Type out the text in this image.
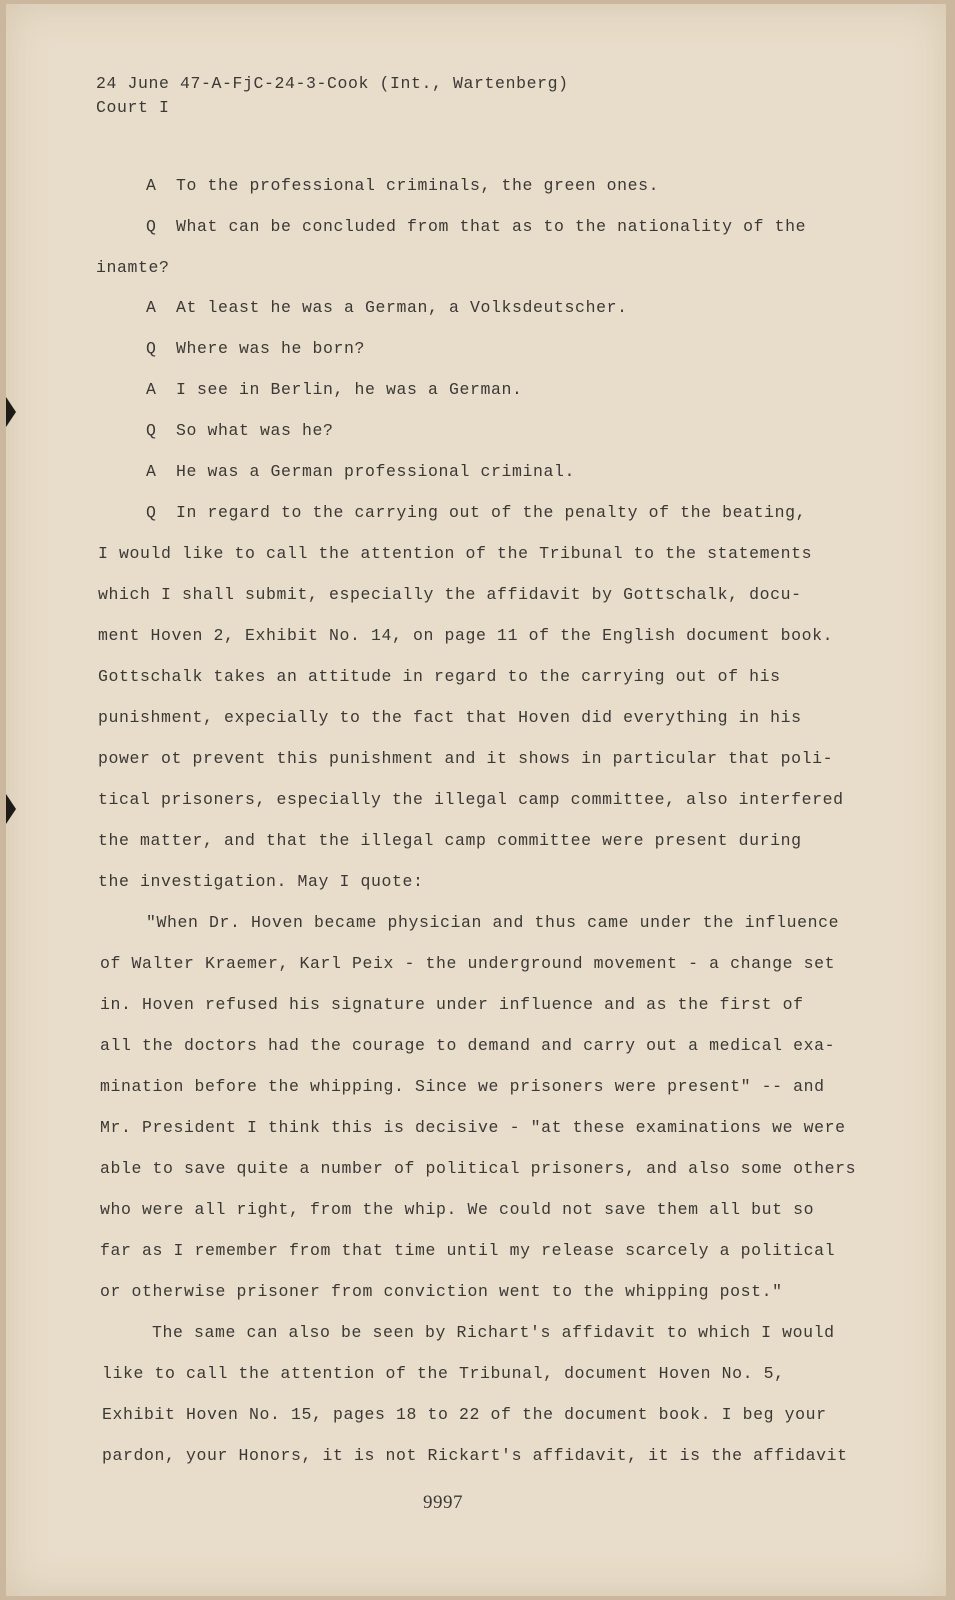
24 June 47-A-FjC-24-3-Cook (Int., Wartenberg)
Court I
A To the professional criminals, the green ones.
Q What can be concluded from that as to the nationality of the
inamte?
A At least he was a German, a Volksdeutscher.
Q Where was he born?
A I see in Berlin, he was a German.
Q So what was he?
A He was a German professional criminal.
Q In regard to the carrying out of the penalty of the beating,
I would like to call the attention of the Tribunal to the statements
which I shall submit, especially the affidavit by Gottschalk, docu-
ment Hoven 2, Exhibit No. 14, on page 11 of the English document book.
Gottschalk takes an attitude in regard to the carrying out of his
punishment, expecially to the fact that Hoven did everything in his
power ot prevent this punishment and it shows in particular that poli-
tical prisoners, especially the illegal camp committee, also interfered
the matter, and that the illegal camp committee were present during
the investigation. May I quote:
"When Dr. Hoven became physician and thus came under the influence
of Walter Kraemer, Karl Peix - the underground movement - a change set
in. Hoven refused his signature under influence and as the first of
all the doctors had the courage to demand and carry out a medical exa-
mination before the whipping. Since we prisoners were present" -- and
Mr. President I think this is decisive - "at these examinations we were
able to save quite a number of political prisoners, and also some others
who were all right, from the whip. We could not save them all but so
far as I remember from that time until my release scarcely a political
or otherwise prisoner from conviction went to the whipping post."
The same can also be seen by Richart's affidavit to which I would
like to call the attention of the Tribunal, document Hoven No. 5,
Exhibit Hoven No. 15, pages 18 to 22 of the document book. I beg your
pardon, your Honors, it is not Rickart's affidavit, it is the affidavit
9997
